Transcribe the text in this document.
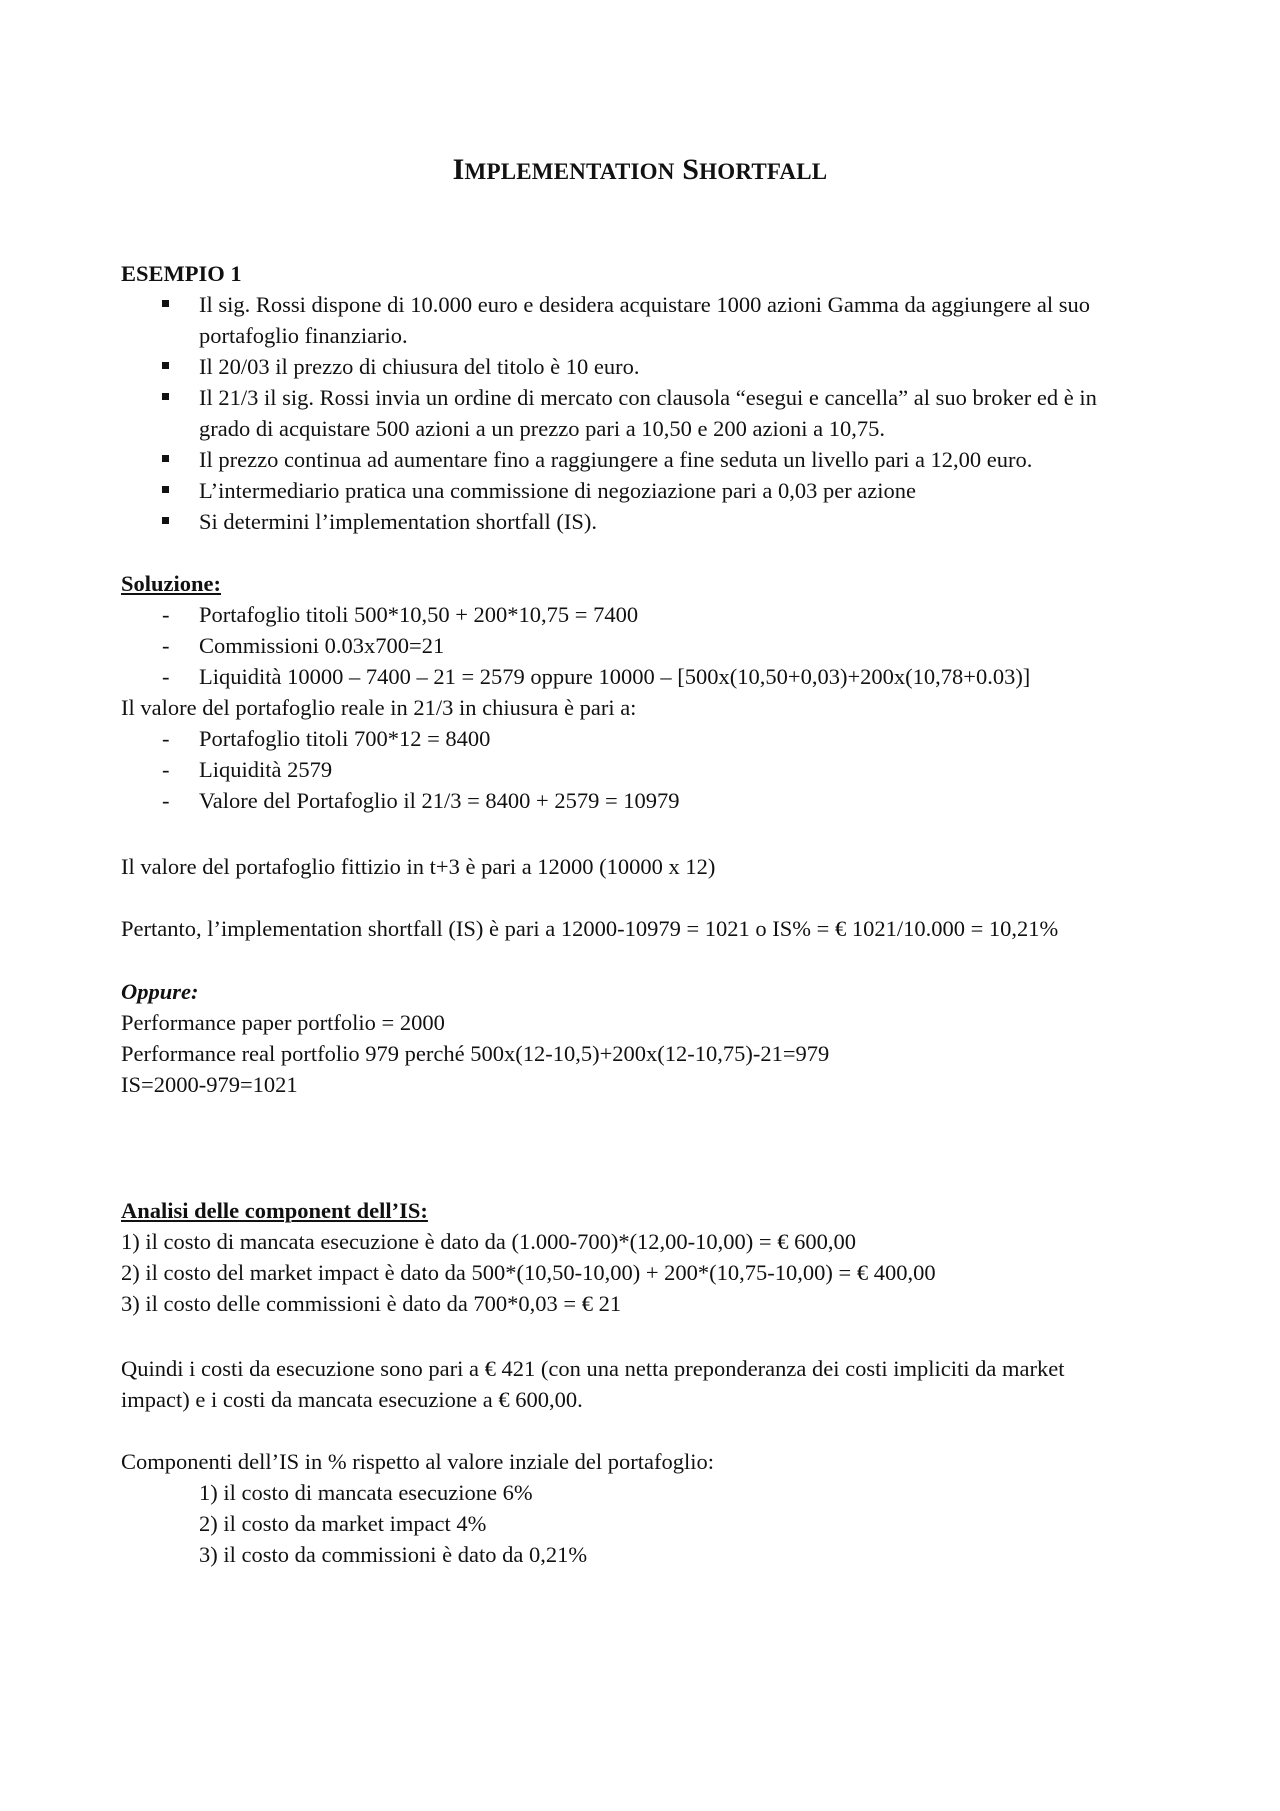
IMPLEMENTATION SHORTFALL
ESEMPIO 1
Il sig. Rossi dispone di 10.000 euro e desidera acquistare 1000 azioni Gamma da aggiungere al suo
portafoglio finanziario.
Il 20/03 il prezzo di chiusura del titolo è 10 euro.
Il 21/3 il sig. Rossi invia un ordine di mercato con clausola “esegui e cancella” al suo broker ed è in
grado di acquistare 500 azioni a un prezzo pari a 10,50 e 200 azioni a 10,75.
Il prezzo continua ad aumentare fino a raggiungere a fine seduta un livello pari a 12,00 euro.
L’intermediario pratica una commissione di negoziazione pari a 0,03 per azione
Si determini l’implementation shortfall (IS).
Soluzione:
- Portafoglio titoli 500*10,50 + 200*10,75 = 7400
- Commissioni 0.03x700=21
- Liquidità 10000 – 7400 – 21 = 2579 oppure 10000 – [500x(10,50+0,03)+200x(10,78+0.03)]
Il valore del portafoglio reale in 21/3 in chiusura è pari a:
- Portafoglio titoli 700*12 = 8400
- Liquidità 2579
- Valore del Portafoglio il 21/3 = 8400 + 2579 = 10979
Il valore del portafoglio fittizio in t+3 è pari a 12000 (10000 x 12)
Pertanto, l’implementation shortfall (IS) è pari a 12000-10979 = 1021 o IS% = € 1021/10.000 = 10,21%
Oppure:
Performance paper portfolio = 2000
Performance real portfolio 979 perché 500x(12-10,5)+200x(12-10,75)-21=979
IS=2000-979=1021
Analisi delle component dell’IS:
1) il costo di mancata esecuzione è dato da (1.000-700)*(12,00-10,00) = € 600,00
2) il costo del market impact è dato da 500*(10,50-10,00) + 200*(10,75-10,00) = € 400,00
3) il costo delle commissioni è dato da 700*0,03 = € 21
Quindi i costi da esecuzione sono pari a € 421 (con una netta preponderanza dei costi impliciti da market
impact) e i costi da mancata esecuzione a € 600,00.
Componenti dell’IS in % rispetto al valore inziale del portafoglio:
1) il costo di mancata esecuzione 6%
2) il costo da market impact 4%
3) il costo da commissioni è dato da 0,21%
